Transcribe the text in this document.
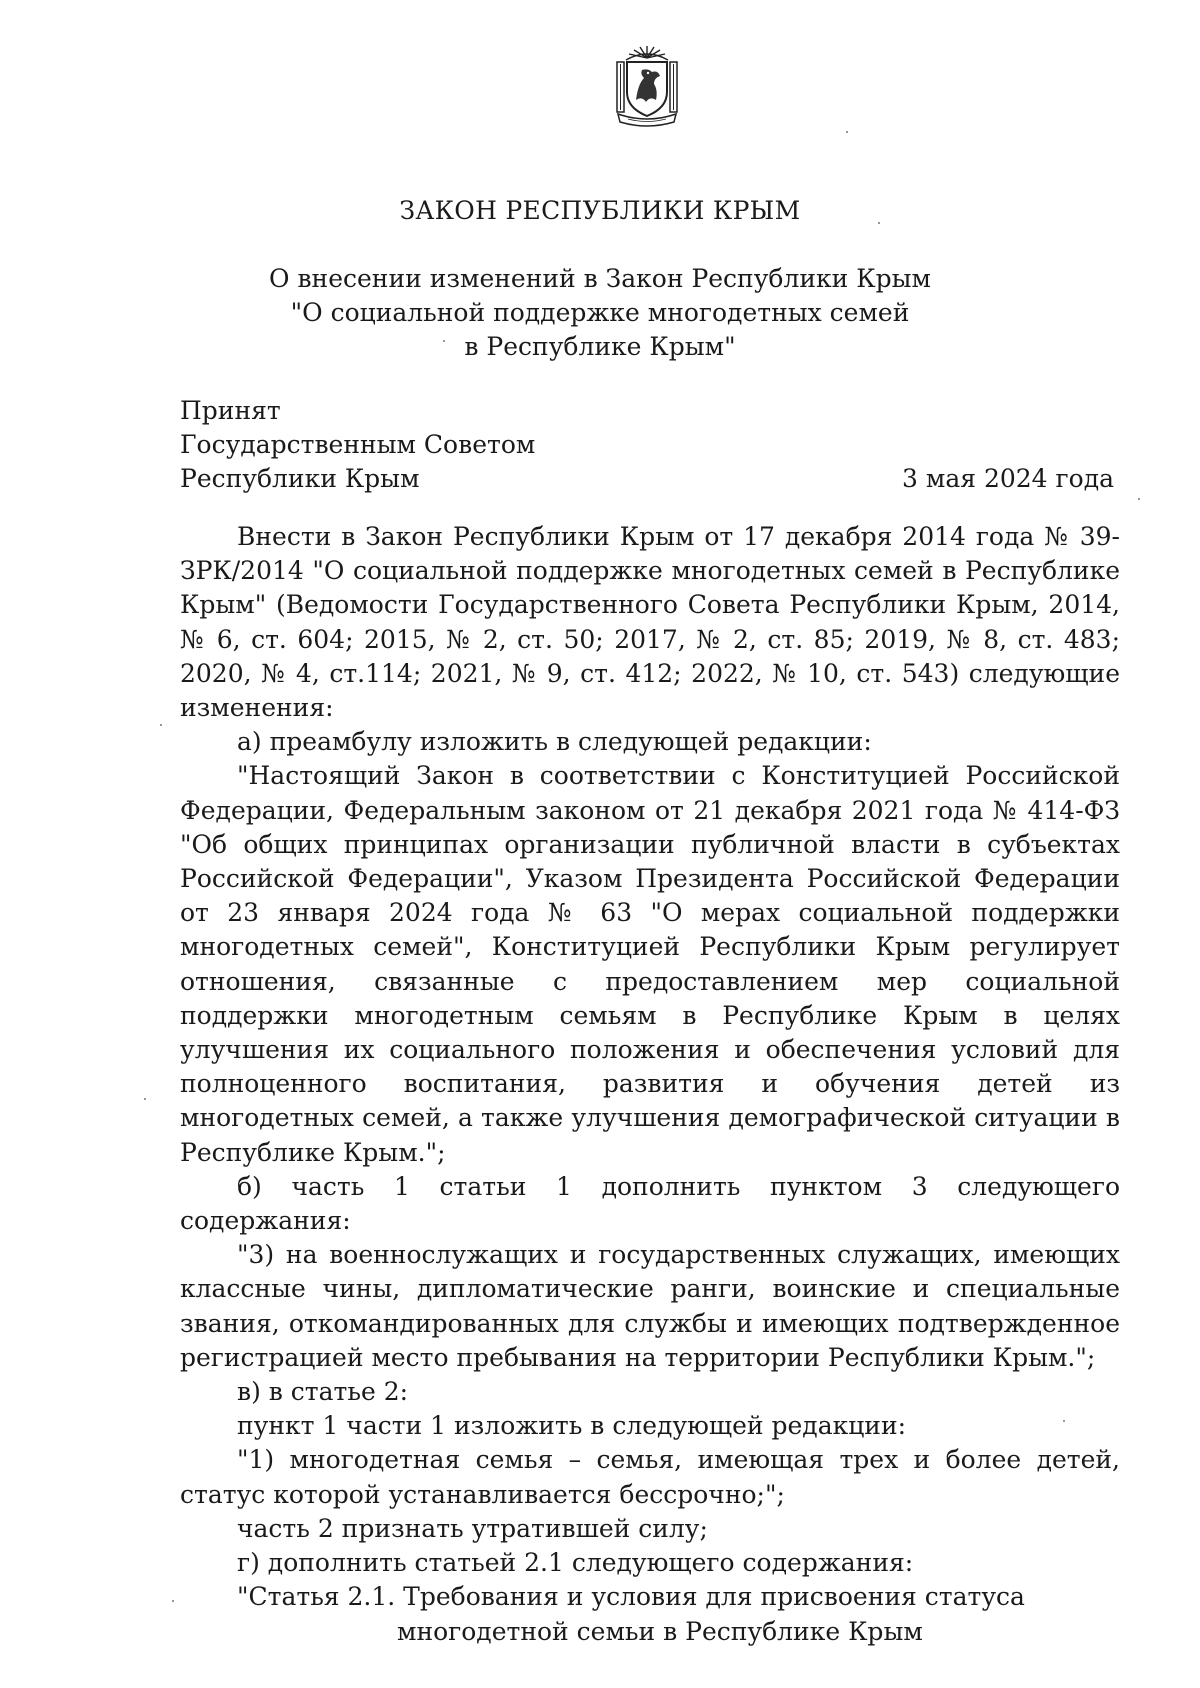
ЗАКОН РЕСПУБЛИКИ КРЫМ
О внесении изменений в Закон Республики Крым
"О социальной поддержке многодетных семей
в Республике Крым"
Принят
Государственным Советом
Республики Крым	3 мая 2024 года

Внести в Закон Республики Крым от 17 декабря 2014 года № 39-ЗРК/2014 "О социальной поддержке многодетных семей в Республике Крым" (Ведомости Государственного Совета Республики Крым, 2014, № 6, ст. 604; 2015, № 2, ст. 50; 2017, № 2, ст. 85; 2019, № 8, ст. 483; 2020, № 4, ст.114; 2021, № 9, ст. 412; 2022, № 10, ст. 543) следующие изменения:

а) преамбулу изложить в следующей редакции:

"Настоящий Закон в соответствии с Конституцией Российской Федерации, Федеральным законом от 21 декабря 2021 года № 414-ФЗ "Об общих принципах организации публичной власти в субъектах Российской Федерации", Указом Президента Российской Федерации от 23 января 2024 года № 63 "О мерах социальной поддержки многодетных семей", Конституцией Республики Крым регулирует отношения, связанные с предоставлением мер социальной поддержки многодетным семьям в Республике Крым в целях улучшения их социального положения и обеспечения условий для полноценного воспитания, развития и обучения детей из многодетных семей, а также улучшения демографической ситуации в Республике Крым.";

б) часть 1 статьи 1 дополнить пунктом 3 следующего содержания:

"3) на военнослужащих и государственных служащих, имеющих классные чины, дипломатические ранги, воинские и специальные звания, откомандированных для службы и имеющих подтвержденное регистрацией место пребывания на территории Республики Крым.";

в) в статье 2:

пункт 1 части 1 изложить в следующей редакции:

"1) многодетная семья – семья, имеющая трех и более детей, статус которой устанавливается бессрочно;";

часть 2 признать утратившей силу;

г) дополнить статьей 2.1 следующего содержания:

"Статья 2.1. Требования и условия для присвоения статуса
многодетной семьи в Республике Крым
